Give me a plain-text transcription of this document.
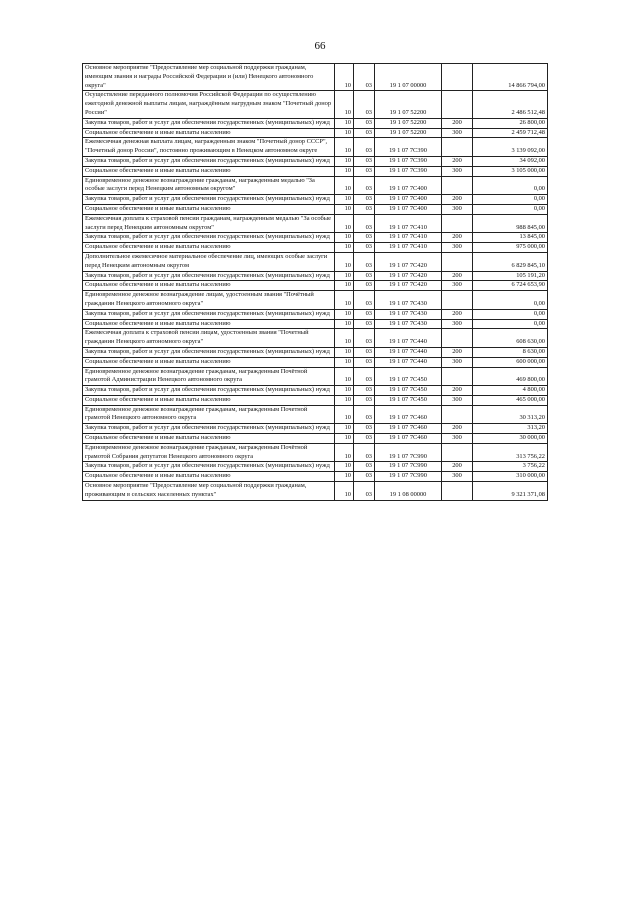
66
Основное мероприятие "Предоставление мер социальной поддержки гражданам, имеющим звания и награды Российской Федерации и (или) Ненецкого автономного округа"	10	03	19 1 07 00000		14 866 794,00
Осуществление переданного полномочия Российской Федерации по осуществлению ежегодной денежной выплаты лицам, награждённым нагрудным знаком "Почетный донор России"	10	03	19 1 07 52200		2 486 512,48
Закупка товаров, работ и услуг для обеспечения государственных (муниципальных) нужд	10	03	19 1 07 52200	200	26 800,00
Социальное обеспечение и иные выплаты населению	10	03	19 1 07 52200	300	2 459 712,48
Ежемесячная денежная выплата лицам, награжденным знаком "Почетный донор СССР", "Почетный донор России", постоянно проживающим в Ненецком автономном округе	10	03	19 1 07 7С390		3 139 092,00
Закупка товаров, работ и услуг для обеспечения государственных (муниципальных) нужд	10	03	19 1 07 7С390	200	34 092,00
Социальное обеспечение и иные выплаты населению	10	03	19 1 07 7С390	300	3 105 000,00
Единовременное денежное вознаграждение гражданам, награжденным медалью "За особые заслуги перед Ненецким автономным округом"	10	03	19 1 07 7С400		0,00
Закупка товаров, работ и услуг для обеспечения государственных (муниципальных) нужд	10	03	19 1 07 7С400	200	0,00
Социальное обеспечение и иные выплаты населению	10	03	19 1 07 7С400	300	0,00
Ежемесячная доплата к страховой пенсии гражданам, награжденным медалью "За особые заслуги перед Ненецким автономным округом"	10	03	19 1 07 7С410		988 845,00
Закупка товаров, работ и услуг для обеспечения государственных (муниципальных) нужд	10	03	19 1 07 7С410	200	13 845,00
Социальное обеспечение и иные выплаты населению	10	03	19 1 07 7С410	300	975 000,00
Дополнительное ежемесячное материальное обеспечение лиц, имеющих особые заслуги перед Ненецким автономным округом	10	03	19 1 07 7С420		6 829 845,10
Закупка товаров, работ и услуг для обеспечения государственных (муниципальных) нужд	10	03	19 1 07 7С420	200	105 191,20
Социальное обеспечение и иные выплаты населению	10	03	19 1 07 7С420	300	6 724 653,90
Единовременное денежное вознаграждение лицам, удостоенным звания "Почётный гражданин Ненецкого автономного округа"	10	03	19 1 07 7С430		0,00
Закупка товаров, работ и услуг для обеспечения государственных (муниципальных) нужд	10	03	19 1 07 7С430	200	0,00
Социальное обеспечение и иные выплаты населению	10	03	19 1 07 7С430	300	0,00
Ежемесячная доплата к страховой пенсии лицам, удостоенным звания "Почетный гражданин Ненецкого автономного округа"	10	03	19 1 07 7С440		608 630,00
Закупка товаров, работ и услуг для обеспечения государственных (муниципальных) нужд	10	03	19 1 07 7С440	200	8 630,00
Социальное обеспечение и иные выплаты населению	10	03	19 1 07 7С440	300	600 000,00
Единовременное денежное вознаграждение гражданам, награжденным Почётной грамотой Администрации Ненецкого автономного округа	10	03	19 1 07 7С450		469 800,00
Закупка товаров, работ и услуг для обеспечения государственных (муниципальных) нужд	10	03	19 1 07 7С450	200	4 800,00
Социальное обеспечение и иные выплаты населению	10	03	19 1 07 7С450	300	465 000,00
Единовременное денежное вознаграждение гражданам, награжденным Почетной грамотой Ненецкого автономного округа	10	03	19 1 07 7С460		30 313,20
Закупка товаров, работ и услуг для обеспечения государственных (муниципальных) нужд	10	03	19 1 07 7С460	200	313,20
Социальное обеспечение и иные выплаты населению	10	03	19 1 07 7С460	300	30 000,00
Единовременное денежное вознаграждение гражданам, награжденным Почётной грамотой Собрания депутатов Ненецкого автономного округа	10	03	19 1 07 7С990		313 756,22
Закупка товаров, работ и услуг для обеспечения государственных (муниципальных) нужд	10	03	19 1 07 7С990	200	3 756,22
Социальное обеспечение и иные выплаты населению	10	03	19 1 07 7С990	300	310 000,00
Основное мероприятие "Предоставление мер социальной поддержки гражданам, проживающим в сельских населенных пунктах"	10	03	19 1 08 00000		9 321 371,08
